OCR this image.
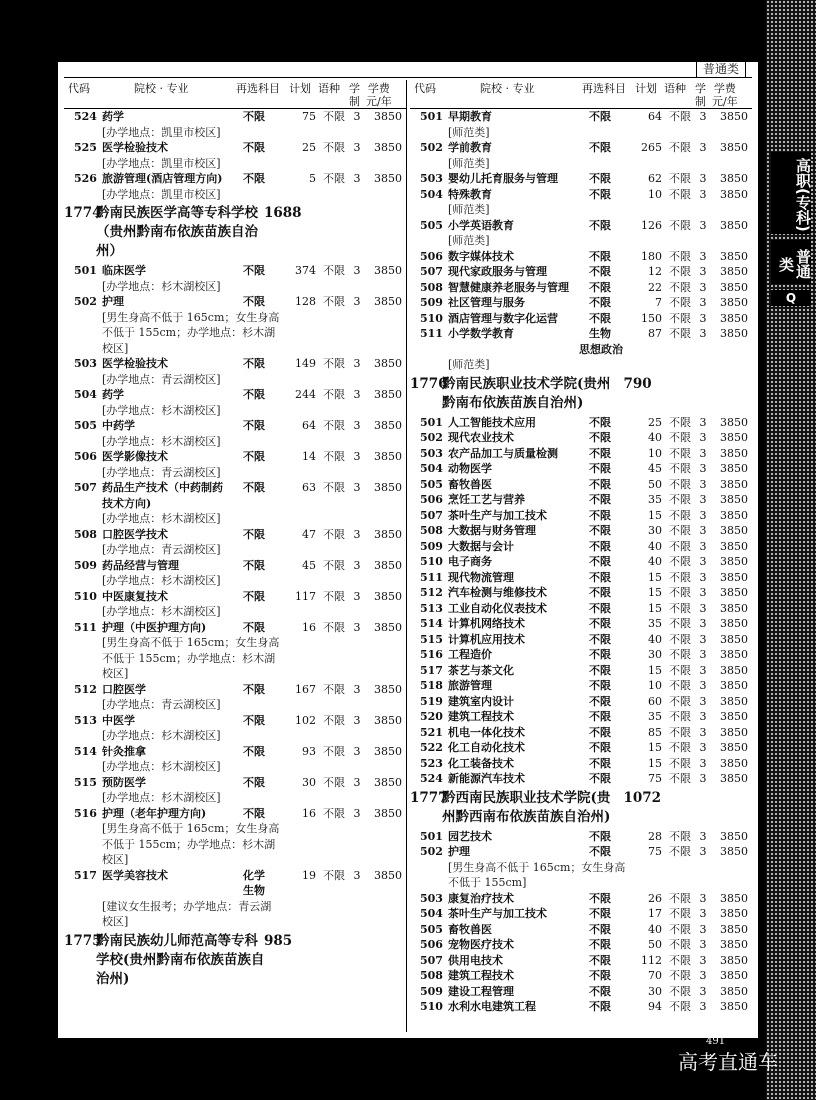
高职(专科)
普通类
Q
普通类
代码	院校 · 专业	再选科目 计划 语种 学
制
学费
元/年
524 药学	不限	75 不限 3	3850
[办学地点：凯里市校区]
525 医学检验技术	不限	25 不限 3	3850
[办学地点：凯里市校区]
526 旅游管理(酒店管理方向)	不限	5 不限 3	3850
[办学地点：凯里市校区]
1774
黔南民族医学高等专科学校
（贵州黔南布依族苗族自治
州）
1688
501 临床医学	不限	374 不限 3	3850
[办学地点：杉木湖校区]
502 护理	不限	128 不限 3	3850
[男生身高不低于 165cm；女生身高
不低于 155cm；办学地点：杉木湖
校区]
503 医学检验技术	不限	149 不限 3	3850
[办学地点：青云湖校区]
504 药学	不限	244 不限 3	3850
[办学地点：杉木湖校区]
505 中药学	不限	64 不限 3	3850
[办学地点：杉木湖校区]
506 医学影像技术	不限	14 不限 3	3850
[办学地点：青云湖校区]
507 药品生产技术（中药制药	不限	63 不限 3	3850
技术方向)
[办学地点：杉木湖校区]
508 口腔医学技术	不限	47 不限 3	3850
[办学地点：青云湖校区]
509 药品经营与管理	不限	45 不限 3	3850
[办学地点：杉木湖校区]
510 中医康复技术	不限	117 不限 3	3850
[办学地点：杉木湖校区]
511 护理（中医护理方向)	不限	16 不限 3	3850
[男生身高不低于 165cm；女生身高
不低于 155cm；办学地点：杉木湖
校区]
512 口腔医学	不限	167 不限 3	3850
[办学地点：青云湖校区]
513 中医学	不限	102 不限 3	3850
[办学地点：杉木湖校区]
514 针灸推拿	不限	93 不限 3	3850
[办学地点：杉木湖校区]
515 预防医学	不限	30 不限 3	3850
[办学地点：杉木湖校区]
516 护理（老年护理方向)	不限	16 不限 3	3850
[男生身高不低于 165cm；女生身高
不低于 155cm；办学地点：杉木湖
校区]
517 医学美容技术	化学	19 不限 3	3850
生物
[建议女生报考；办学地点：青云湖
校区]
1775
黔南民族幼儿师范高等专科
学校(贵州黔南布依族苗族自
治州)
985
代码	院校 · 专业	再选科目 计划 语种 学
制
学费
元/年
501 早期教育	不限	64 不限 3	3850
[师范类]
502 学前教育	不限	265 不限 3	3850
[师范类]
503 婴幼儿托育服务与管理	不限	62 不限 3	3850
504 特殊教育	不限	10 不限 3	3850
[师范类]
505 小学英语教育	不限	126 不限 3	3850
[师范类]
506 数字媒体技术	不限	180 不限 3	3850
507 现代家政服务与管理	不限	12 不限 3	3850
508 智慧健康养老服务与管理	不限	22 不限 3	3850
509 社区管理与服务	不限	7 不限 3	3850
510 酒店管理与数字化运营	不限	150 不限 3	3850
511 小学数学教育	生物	87 不限 3	3850
思想政治
[师范类]
1776
黔南民族职业技术学院(贵州
黔南布依族苗族自治州)
790
501 人工智能技术应用	不限	25 不限 3	3850
502 现代农业技术	不限	40 不限 3	3850
503 农产品加工与质量检测	不限	10 不限 3	3850
504 动物医学	不限	45 不限 3	3850
505 畜牧兽医	不限	50 不限 3	3850
506 烹饪工艺与营养	不限	35 不限 3	3850
507 茶叶生产与加工技术	不限	15 不限 3	3850
508 大数据与财务管理	不限	30 不限 3	3850
509 大数据与会计	不限	40 不限 3	3850
510 电子商务	不限	40 不限 3	3850
511 现代物流管理	不限	15 不限 3	3850
512 汽车检测与维修技术	不限	15 不限 3	3850
513 工业自动化仪表技术	不限	15 不限 3	3850
514 计算机网络技术	不限	35 不限 3	3850
515 计算机应用技术	不限	40 不限 3	3850
516 工程造价	不限	30 不限 3	3850
517 茶艺与茶文化	不限	15 不限 3	3850
518 旅游管理	不限	10 不限 3	3850
519 建筑室内设计	不限	60 不限 3	3850
520 建筑工程技术	不限	35 不限 3	3850
521 机电一体化技术	不限	85 不限 3	3850
522 化工自动化技术	不限	15 不限 3	3850
523 化工装备技术	不限	15 不限 3	3850
524 新能源汽车技术	不限	75 不限 3	3850
1777
黔西南民族职业技术学院(贵
州黔西南布依族苗族自治州)
1072
501 园艺技术	不限	28 不限 3	3850
502 护理	不限	75 不限 3	3850
[男生身高不低于 165cm；女生身高
不低于 155cm]
503 康复治疗技术	不限	26 不限 3	3850
504 茶叶生产与加工技术	不限	17 不限 3	3850
505 畜牧兽医	不限	40 不限 3	3850
506 宠物医疗技术	不限	50 不限 3	3850
507 供用电技术	不限	112 不限 3	3850
508 建筑工程技术	不限	70 不限 3	3850
509 建设工程管理	不限	30 不限 3	3850
510 水利水电建筑工程	不限	94 不限 3	3850
491
高考直通车
